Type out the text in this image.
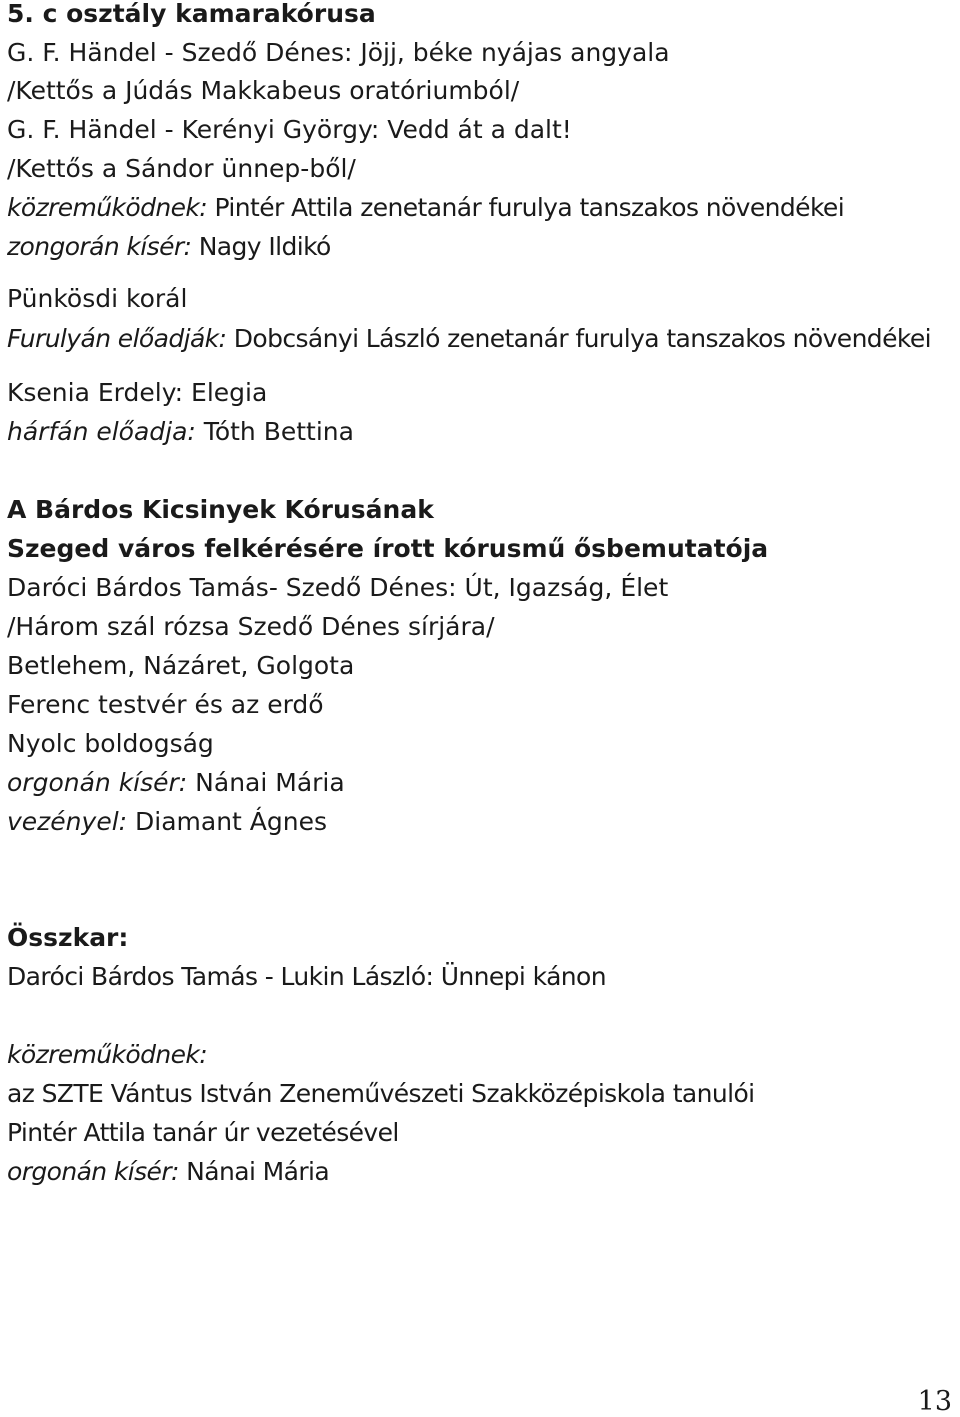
5. c osztály kamarakórusa
G. F. Händel - Szedő Dénes: Jöjj, béke nyájas angyala
/Kettős a Júdás Makkabeus oratóriumból/
G. F. Händel - Kerényi György: Vedd át a dalt!
/Kettős a Sándor ünnep-ből/
közreműködnek: Pintér Attila zenetanár furulya tanszakos növendékei
zongorán kísér: Nagy Ildikó
Pünkösdi korál
Furulyán előadják: Dobcsányi László zenetanár furulya tanszakos növendékei
Ksenia Erdely: Elegia
hárfán előadja: Tóth Bettina
A Bárdos Kicsinyek Kórusának
Szeged város felkérésére írott kórusmű ősbemutatója
Daróci Bárdos Tamás- Szedő Dénes: Út, Igazság, Élet
/Három szál rózsa Szedő Dénes sírjára/
Betlehem, Názáret, Golgota
Ferenc testvér és az erdő
Nyolc boldogság
orgonán kísér: Nánai Mária
vezényel: Diamant Ágnes
Összkar:
Daróci Bárdos Tamás - Lukin László: Ünnepi kánon
közreműködnek:
az SZTE Vántus István Zeneművészeti Szakközépiskola tanulói
Pintér Attila tanár úr vezetésével
orgonán kísér: Nánai Mária
13
